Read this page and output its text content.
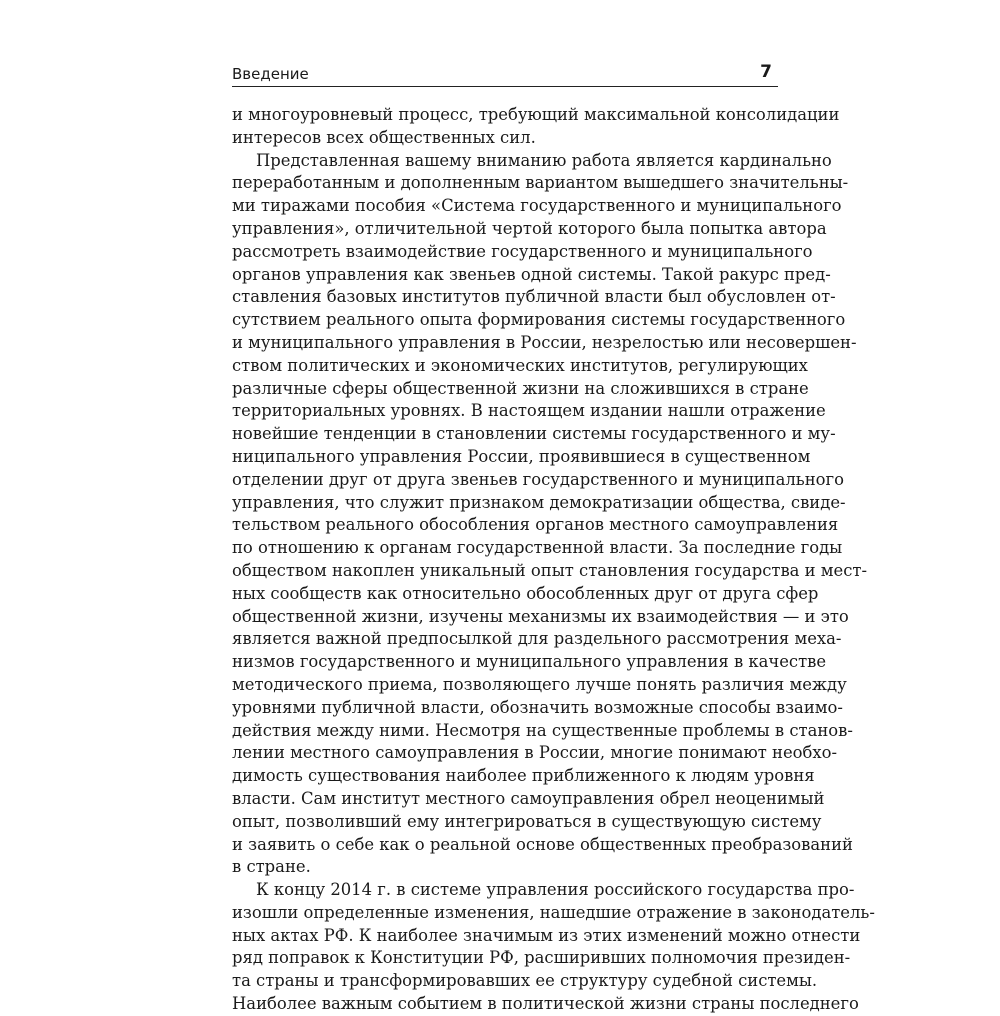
Введение	7
и многоуровневый процесс, требующий максимальной консолидации
интересов всех общественных сил.
Представленная вашему вниманию работа является кардинально
переработанным и дополненным вариантом вышедшего значительны-
ми тиражами пособия «Система государственного и муниципального
управления», отличительной чертой которого была попытка автора
рассмотреть взаимодействие государственного и муниципального
органов управления как звеньев одной системы. Такой ракурс пред-
ставления базовых институтов публичной власти был обусловлен от-
сутствием реального опыта формирования системы государственного
и муниципального управления в России, незрелостью или несовершен-
ством политических и экономических институтов, регулирующих
различные сферы общественной жизни на сложившихся в стране
территориальных уровнях. В настоящем издании нашли отражение
новейшие тенденции в становлении системы государственного и му-
ниципального управления России, проявившиеся в существенном
отделении друг от друга звеньев государственного и муниципального
управления, что служит признаком демократизации общества, свиде-
тельством реального обособления органов местного самоуправления
по отношению к органам государственной власти. За последние годы
обществом накоплен уникальный опыт становления государства и мест-
ных сообществ как относительно обособленных друг от друга сфер
общественной жизни, изучены механизмы их взаимодействия — и это
является важной предпосылкой для раздельного рассмотрения меха-
низмов государственного и муниципального управления в качестве
методического приема, позволяющего лучше понять различия между
уровнями публичной власти, обозначить возможные способы взаимо-
действия между ними. Несмотря на существенные проблемы в станов-
лении местного самоуправления в России, многие понимают необхо-
димость существования наиболее приближенного к людям уровня
власти. Сам институт местного самоуправления обрел неоценимый
опыт, позволивший ему интегрироваться в существующую систему
и заявить о себе как о реальной основе общественных преобразований
в стране.
К концу 2014 г. в системе управления российского государства про-
изошли определенные изменения, нашедшие отражение в законодатель-
ных актах РФ. К наиболее значимым из этих изменений можно отнести
ряд поправок к Конституции РФ, расширивших полномочия президен-
та страны и трансформировавших ее структуру судебной системы.
Наиболее важным событием в политической жизни страны последнего
